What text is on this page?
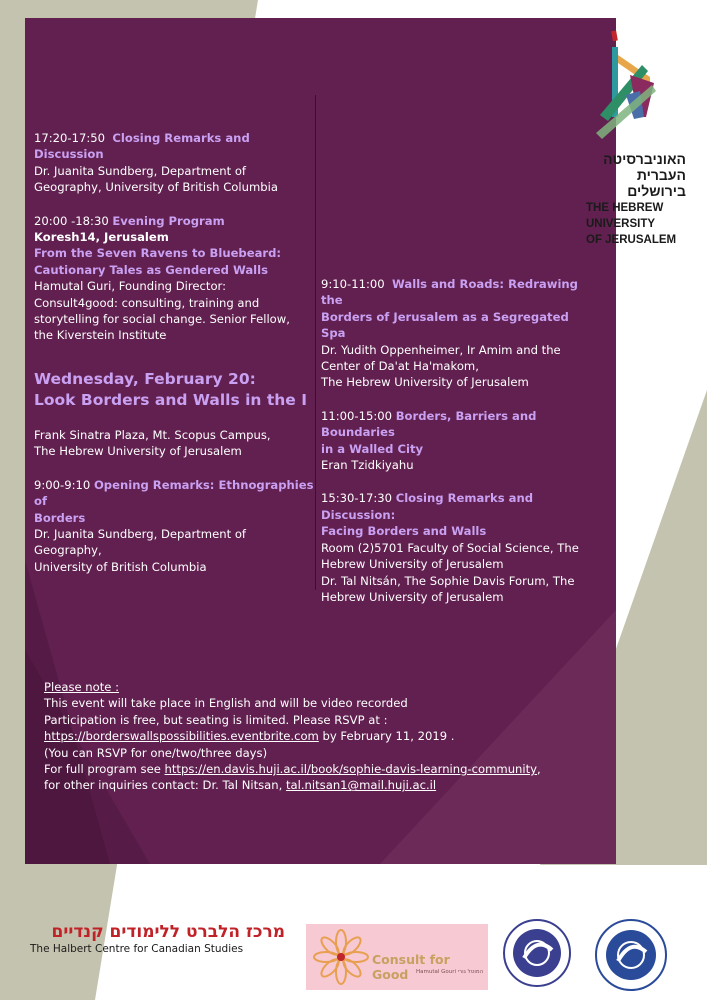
17:20-17:50 Closing Remarks and Discussion
Dr. Juanita Sundberg, Department of
Geography, University of British Columbia
20:00 -18:30 Evening Program
Koresh14, Jerusalem
From the Seven Ravens to Bluebeard:
Cautionary Tales as Gendered Walls
Hamutal Guri, Founding Director:
Consult4good: consulting, training and
storytelling for social change. Senior Fellow,
the Kiverstein Institute
Wednesday, February 20:
Look Borders and Walls in the I
Frank Sinatra Plaza, Mt. Scopus Campus,
The Hebrew University of Jerusalem
9:00-9:10 Opening Remarks: Ethnographies of
Borders
Dr. Juanita Sundberg, Department of Geography,
University of British Columbia
9:10-11:00 Walls and Roads: Redrawing the
Borders of Jerusalem as a Segregated Spa
Dr. Yudith Oppenheimer, Ir Amim and the
Center of Da'at Ha'makom,
The Hebrew University of Jerusalem
11:00-15:00 Borders, Barriers and Boundaries
in a Walled City
Eran Tzidkiyahu
15:30-17:30 Closing Remarks and Discussion:
Facing Borders and Walls
Room (2)5701 Faculty of Social Science, The
Hebrew University of Jerusalem
Dr. Tal Nitsán, The Sophie Davis Forum, The
Hebrew University of Jerusalem
Please note :
This event will take place in English and will be video recorded
Participation is free, but seating is limited. Please RSVP at :
https://borderswallspossibilities.eventbrite.com by February 11, 2019 .
(You can RSVP for one/two/three days)
For full program see https://en.davis.huji.ac.il/book/sophie-davis-learning-community,
for other inquiries contact: Dr. Tal Nitsan, tal.nitsan1@mail.huji.ac.il
האוניברסיטה
העברית
בירושלים
THE HEBREW
UNIVERSITY
OF JERUSALEM
מרכז הלברט ללימודים קנדיים
The Halbert Centre for Canadian Studies
Consult for Good	Hamutal Gouri המוטל גורי
